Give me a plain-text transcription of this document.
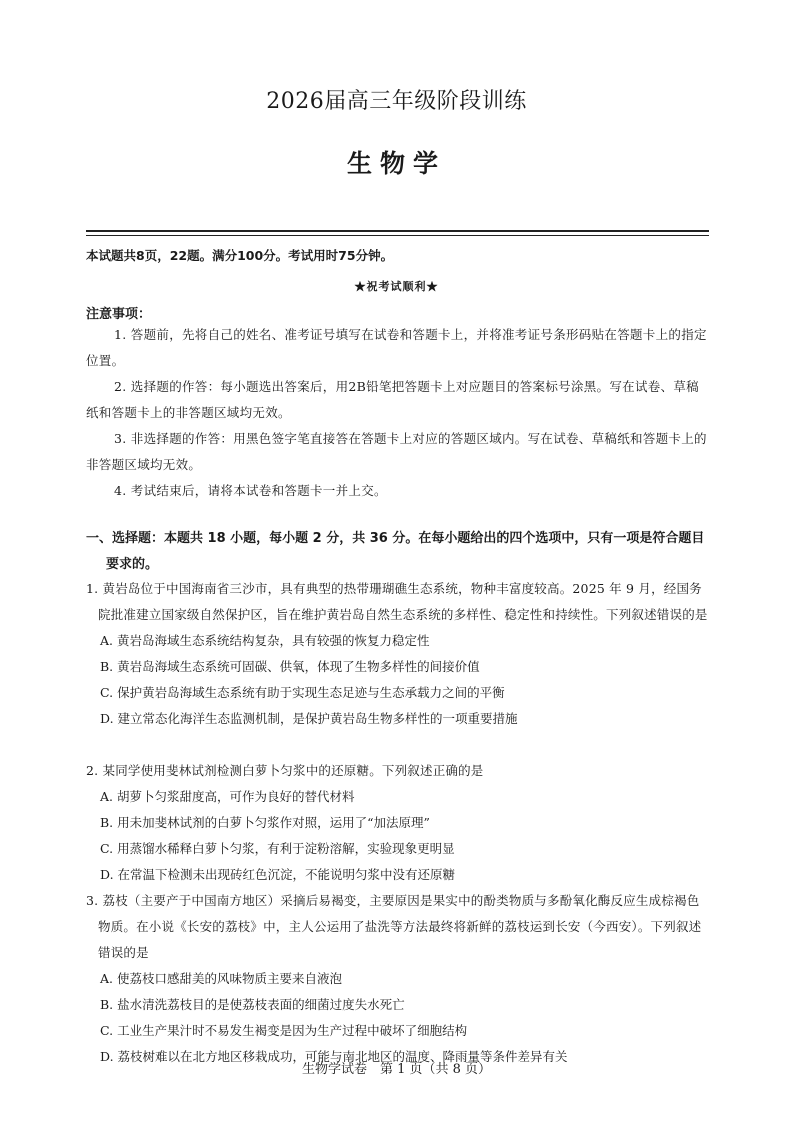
2026届高三年级阶段训练
生物学
本试题共8页，22题。满分100分。考试用时75分钟。
★祝考试顺利★
注意事项：
1. 答题前，先将自己的姓名、准考证号填写在试卷和答题卡上，并将准考证号条形码贴在答题卡上的指定位置。
2. 选择题的作答：每小题选出答案后，用2B铅笔把答题卡上对应题目的答案标号涂黑。写在试卷、草稿纸和答题卡上的非答题区域均无效。
3. 非选择题的作答：用黑色签字笔直接答在答题卡上对应的答题区域内。写在试卷、草稿纸和答题卡上的非答题区域均无效。
4. 考试结束后，请将本试卷和答题卡一并上交。
一、选择题：本题共 18 小题，每小题 2 分，共 36 分。在每小题给出的四个选项中，只有一项是符合题目要求的。
1. 黄岩岛位于中国海南省三沙市，具有典型的热带珊瑚礁生态系统，物种丰富度较高。2025 年 9 月，经国务院批准建立国家级自然保护区，旨在维护黄岩岛自然生态系统的多样性、稳定性和持续性。下列叙述错误的是
A. 黄岩岛海域生态系统结构复杂，具有较强的恢复力稳定性
B. 黄岩岛海域生态系统可固碳、供氧，体现了生物多样性的间接价值
C. 保护黄岩岛海域生态系统有助于实现生态足迹与生态承载力之间的平衡
D. 建立常态化海洋生态监测机制，是保护黄岩岛生物多样性的一项重要措施
2. 某同学使用斐林试剂检测白萝卜匀浆中的还原糖。下列叙述正确的是
A. 胡萝卜匀浆甜度高，可作为良好的替代材料
B. 用未加斐林试剂的白萝卜匀浆作对照，运用了“加法原理”
C. 用蒸馏水稀释白萝卜匀浆，有利于淀粉溶解，实验现象更明显
D. 在常温下检测未出现砖红色沉淀，不能说明匀浆中没有还原糖
3. 荔枝（主要产于中国南方地区）采摘后易褐变，主要原因是果实中的酚类物质与多酚氧化酶反应生成棕褐色物质。在小说《长安的荔枝》中，主人公运用了盐洗等方法最终将新鲜的荔枝运到长安（今西安）。下列叙述错误的是
A. 使荔枝口感甜美的风味物质主要来自液泡
B. 盐水清洗荔枝目的是使荔枝表面的细菌过度失水死亡
C. 工业生产果汁时不易发生褐变是因为生产过程中破坏了细胞结构
D. 荔枝树难以在北方地区移栽成功，可能与南北地区的温度、降雨量等条件差异有关
生物学试卷　第 1 页（共 8 页）
